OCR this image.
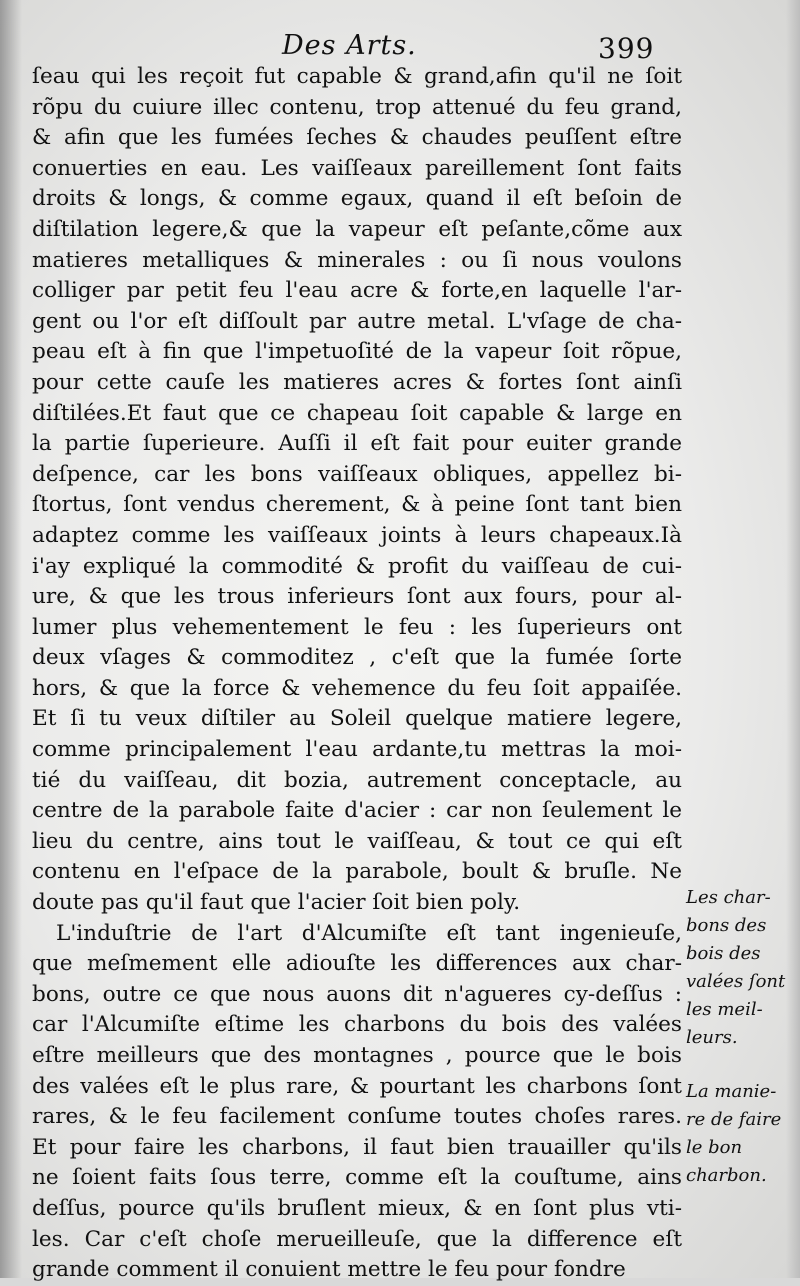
Des Arts.	399
ſeau qui les reçoit fut capable & grand,afin qu'il ne ſoit
rõpu du cuiure illec contenu, trop attenué du feu grand,
& afin que les fumées ſeches & chaudes peuſſent eſtre
conuerties en eau. Les vaiſſeaux pareillement ſont faits
droits & longs, & comme egaux, quand il eſt beſoin de
diſtilation legere,& que la vapeur eſt peſante,cõme aux
matieres metalliques & minerales : ou ſi nous voulons
colliger par petit feu l'eau acre & forte,en laquelle l'ar-
gent ou l'or eſt diſſoult par autre metal. L'vſage de cha-
peau eſt à fin que l'impetuoſité de la vapeur ſoit rõpue,
pour cette cauſe les matieres acres & fortes ſont ainſi
diſtilées.Et faut que ce chapeau ſoit capable & large en
la partie ſuperieure. Auſſi il eſt fait pour euiter grande
deſpence, car les bons vaiſſeaux obliques, appellez bi-
ſtortus, ſont vendus cherement, & à peine ſont tant bien
adaptez comme les vaiſſeaux joints à leurs chapeaux.Ià
i'ay expliqué la commodité & profit du vaiſſeau de cui-
ure, & que les trous inferieurs ſont aux fours, pour al-
lumer plus vehementement le feu : les ſuperieurs ont
deux vſages & commoditez , c'eſt que la fumée ſorte
hors, & que la force & vehemence du feu ſoit appaiſée.
Et ſi tu veux diſtiler au Soleil quelque matiere legere,
comme principalement l'eau ardante,tu mettras la moi-
tié du vaiſſeau, dit bozia, autrement conceptacle, au
centre de la parabole faite d'acier : car non ſeulement le
lieu du centre, ains tout le vaiſſeau, & tout ce qui eſt
contenu en l'eſpace de la parabole, boult & bruſle. Ne
doute pas qu'il faut que l'acier ſoit bien poly.
L'induſtrie de l'art d'Alcumiſte eſt tant ingenieuſe,
que meſmement elle adiouſte les differences aux char-
bons, outre ce que nous auons dit n'agueres cy-deſſus :
car l'Alcumiſte eſtime les charbons du bois des valées
eſtre meilleurs que des montagnes , pource que le bois
des valées eſt le plus rare, & pourtant les charbons ſont
rares, & le feu facilement conſume toutes choſes rares.
Et pour faire les charbons, il faut bien trauailler qu'ils
ne ſoient faits ſous terre, comme eſt la couſtume, ains
deſſus, pource qu'ils bruſlent mieux, & en ſont plus vti-
les. Car c'eſt choſe merueilleuſe, que la difference eſt
grande comment il conuient mettre le feu pour fondre
Les char-
bons des
bois des
valées ſont
les meil-
leurs.
La manie-
re de faire
le bon
charbon.
